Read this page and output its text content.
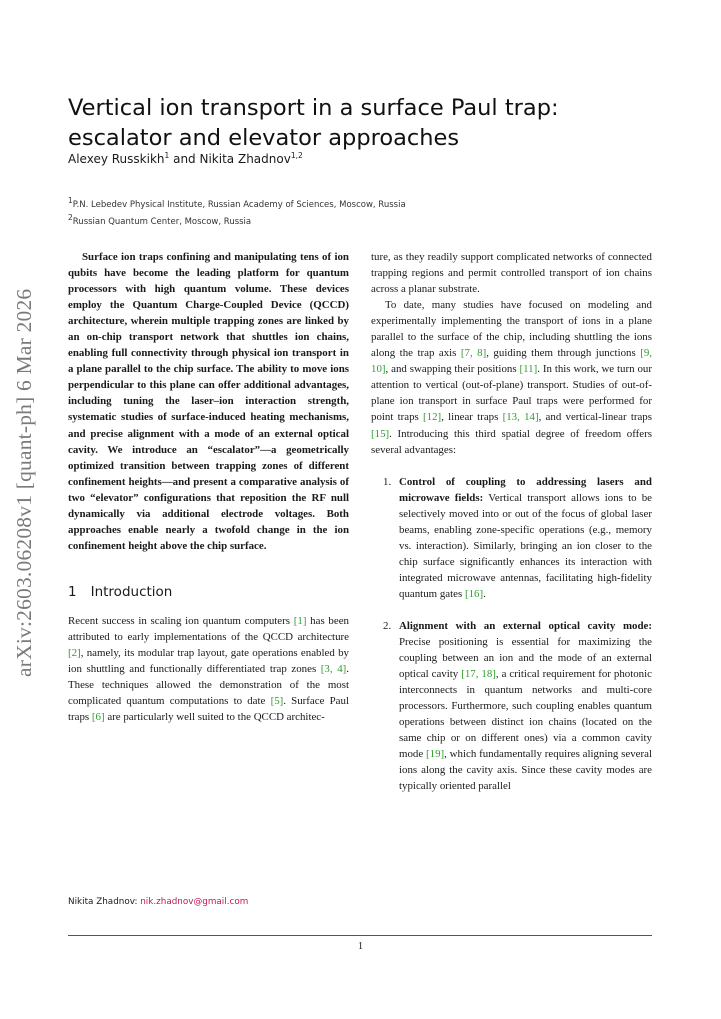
arXiv:2603.06208v1 [quant-ph] 6 Mar 2026
Vertical ion transport in a surface Paul trap: escalator and elevator approaches
Alexey Russkikh$^1$ and Nikita Zhadnov$^{1,2}$
$^1$P.N. Lebedev Physical Institute, Russian Academy of Sciences, Moscow, Russia
$^2$Russian Quantum Center, Moscow, Russia

Surface ion traps confining and manipulating tens of ion qubits have become the leading platform for quantum processors with high quantum volume. These devices employ the Quantum Charge-Coupled Device (QCCD) architecture, wherein multiple trapping zones are linked by an on-chip transport network that shuttles ion chains, enabling full connectivity through physical ion transport in a plane parallel to the chip surface. The ability to move ions perpendicular to this plane can offer additional advantages, including tuning the laser–ion interaction strength, systematic studies of surface-induced heating mechanisms, and precise alignment with a mode of an external optical cavity. We introduce an “escalator”—a geometrically optimized transition between trapping zones of different confinement heights—and present a comparative analysis of two “elevator” configurations that reposition the RF null dynamically via additional electrode voltages. Both approaches enable nearly a twofold change in the ion confinement height above the chip surface.

1 Introduction

Recent success in scaling ion quantum computers [1] has been attributed to early implementations of the QCCD architecture [2], namely, its modular trap layout, gate operations enabled by ion shuttling and functionally differentiated trap zones [3, 4]. These techniques allowed the demonstration of the most complicated quantum computations to date [5]. Surface Paul traps [6] are particularly well suited to the QCCD architec-

ture, as they readily support complicated networks of connected trapping regions and permit controlled transport of ion chains across a planar substrate.

To date, many studies have focused on modeling and experimentally implementing the transport of ions in a plane parallel to the surface of the chip, including shuttling the ions along the trap axis [7, 8], guiding them through junctions [9, 10], and swapping their positions [11]. In this work, we turn our attention to vertical (out-of-plane) transport. Studies of out-of-plane ion transport in surface Paul traps were performed for point traps [12], linear traps [13, 14], and vertical-linear traps [15]. Introducing this third spatial degree of freedom offers several advantages:

1. Control of coupling to addressing lasers and microwave fields: Vertical transport allows ions to be selectively moved into or out of the focus of global laser beams, enabling zone-specific operations (e.g., memory vs. interaction). Similarly, bringing an ion closer to the chip surface significantly enhances its interaction with integrated microwave antennas, facilitating high-fidelity quantum gates [16].
2. Alignment with an external optical cavity mode: Precise positioning is essential for maximizing the coupling between an ion and the mode of an external optical cavity [17, 18], a critical requirement for photonic interconnects in quantum networks and multi-core processors. Furthermore, such coupling enables quantum operations between distinct ion chains (located on the same chip or on different ones) via a common cavity mode [19], which fundamentally requires aligning several ions along the cavity axis. Since these cavity modes are typically oriented parallel
Nikita Zhadnov: nik.zhadnov@gmail.com
1
